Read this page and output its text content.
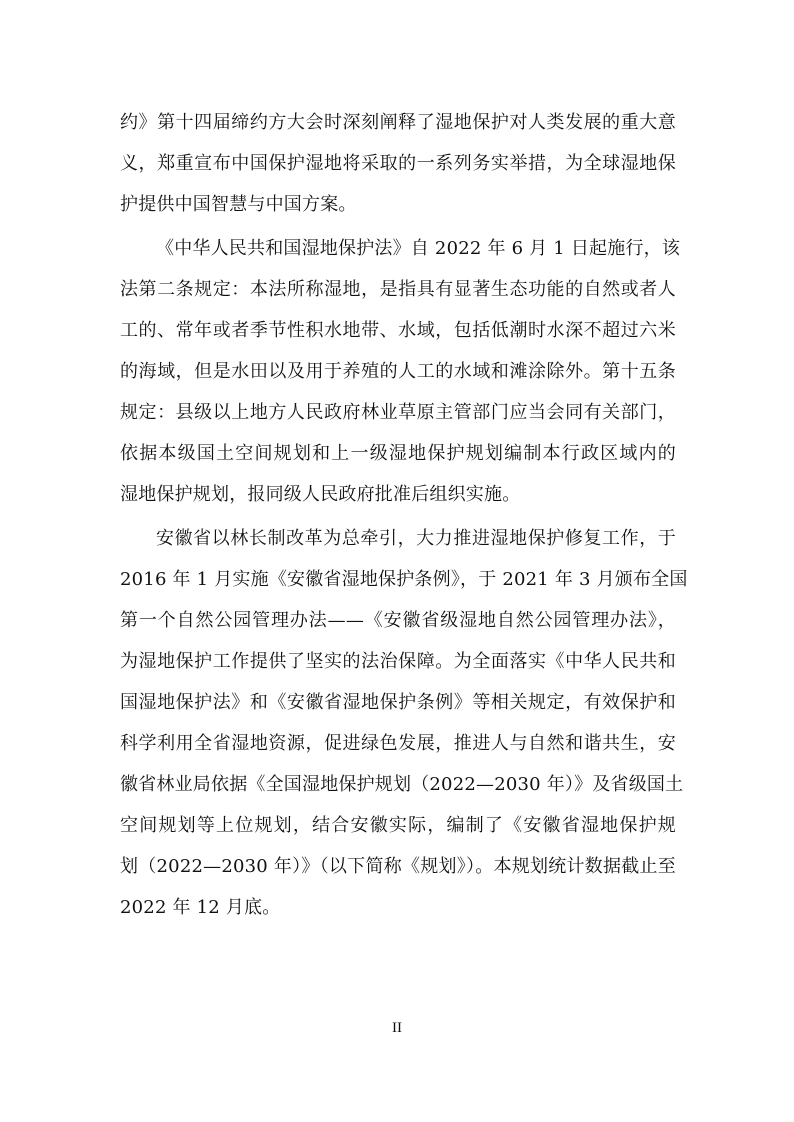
约》第十四届缔约方大会时深刻阐释了湿地保护对人类发展的重大意
义，郑重宣布中国保护湿地将采取的一系列务实举措，为全球湿地保
护提供中国智慧与中国方案。
《中华人民共和国湿地保护法》自 2022 年 6 月 1 日起施行，该
法第二条规定：本法所称湿地，是指具有显著生态功能的自然或者人
工的、常年或者季节性积水地带、水域，包括低潮时水深不超过六米
的海域，但是水田以及用于养殖的人工的水域和滩涂除外。第十五条
规定：县级以上地方人民政府林业草原主管部门应当会同有关部门，
依据本级国土空间规划和上一级湿地保护规划编制本行政区域内的
湿地保护规划，报同级人民政府批准后组织实施。
安徽省以林长制改革为总牵引，大力推进湿地保护修复工作，于
2016 年 1 月实施《安徽省湿地保护条例》，于 2021 年 3 月颁布全国
第一个自然公园管理办法——《安徽省级湿地自然公园管理办法》，
为湿地保护工作提供了坚实的法治保障。为全面落实《中华人民共和
国湿地保护法》和《安徽省湿地保护条例》等相关规定，有效保护和
科学利用全省湿地资源，促进绿色发展，推进人与自然和谐共生，安
徽省林业局依据《全国湿地保护规划（2022—2030 年）》及省级国土
空间规划等上位规划，结合安徽实际，编制了《安徽省湿地保护规
划（2022—2030 年）》（以下简称《规划》）。本规划统计数据截止至
2022 年 12 月底。
II
